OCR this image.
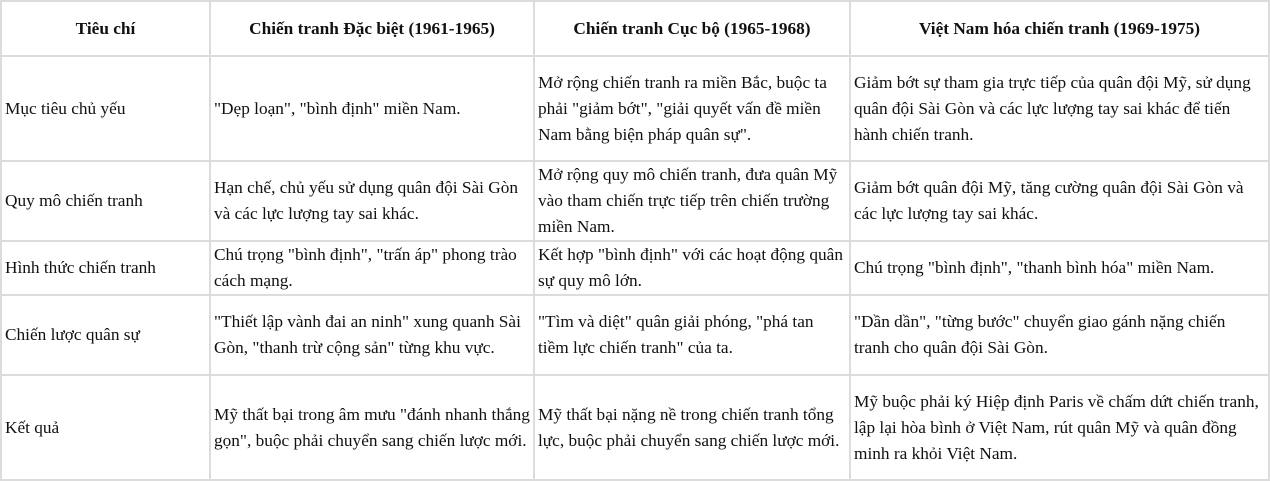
Tiêu chí	Chiến tranh Đặc biệt (1961-1965)	Chiến tranh Cục bộ (1965-1968)	Việt Nam hóa chiến tranh (1969-1975)
Mục tiêu chủ yếu	"Dẹp loạn", "bình định" miền Nam.	Mở rộng chiến tranh ra miền Bắc, buộc ta phải "giảm bớt", "giải quyết vấn đề miền Nam bằng biện pháp quân sự".	Giảm bớt sự tham gia trực tiếp của quân đội Mỹ, sử dụng quân đội Sài Gòn và các lực lượng tay sai khác để tiến hành chiến tranh.
Quy mô chiến tranh	Hạn chế, chủ yếu sử dụng quân đội Sài Gòn và các lực lượng tay sai khác.	Mở rộng quy mô chiến tranh, đưa quân Mỹ vào tham chiến trực tiếp trên chiến trường miền Nam.	Giảm bớt quân đội Mỹ, tăng cường quân đội Sài Gòn và các lực lượng tay sai khác.
Hình thức chiến tranh	Chú trọng "bình định", "trấn áp" phong trào cách mạng.	Kết hợp "bình định" với các hoạt động quân sự quy mô lớn.	Chú trọng "bình định", "thanh bình hóa" miền Nam.
Chiến lược quân sự	"Thiết lập vành đai an ninh" xung quanh Sài Gòn, "thanh trừ cộng sản" từng khu vực.	"Tìm và diệt" quân giải phóng, "phá tan tiềm lực chiến tranh" của ta.	"Dần dần", "từng bước" chuyển giao gánh nặng chiến tranh cho quân đội Sài Gòn.
Kết quả	Mỹ thất bại trong âm mưu "đánh nhanh thắng gọn", buộc phải chuyển sang chiến lược mới.	Mỹ thất bại nặng nề trong chiến tranh tổng lực, buộc phải chuyển sang chiến lược mới.	Mỹ buộc phải ký Hiệp định Paris về chấm dứt chiến tranh, lập lại hòa bình ở Việt Nam, rút quân Mỹ và quân đồng minh ra khỏi Việt Nam.
